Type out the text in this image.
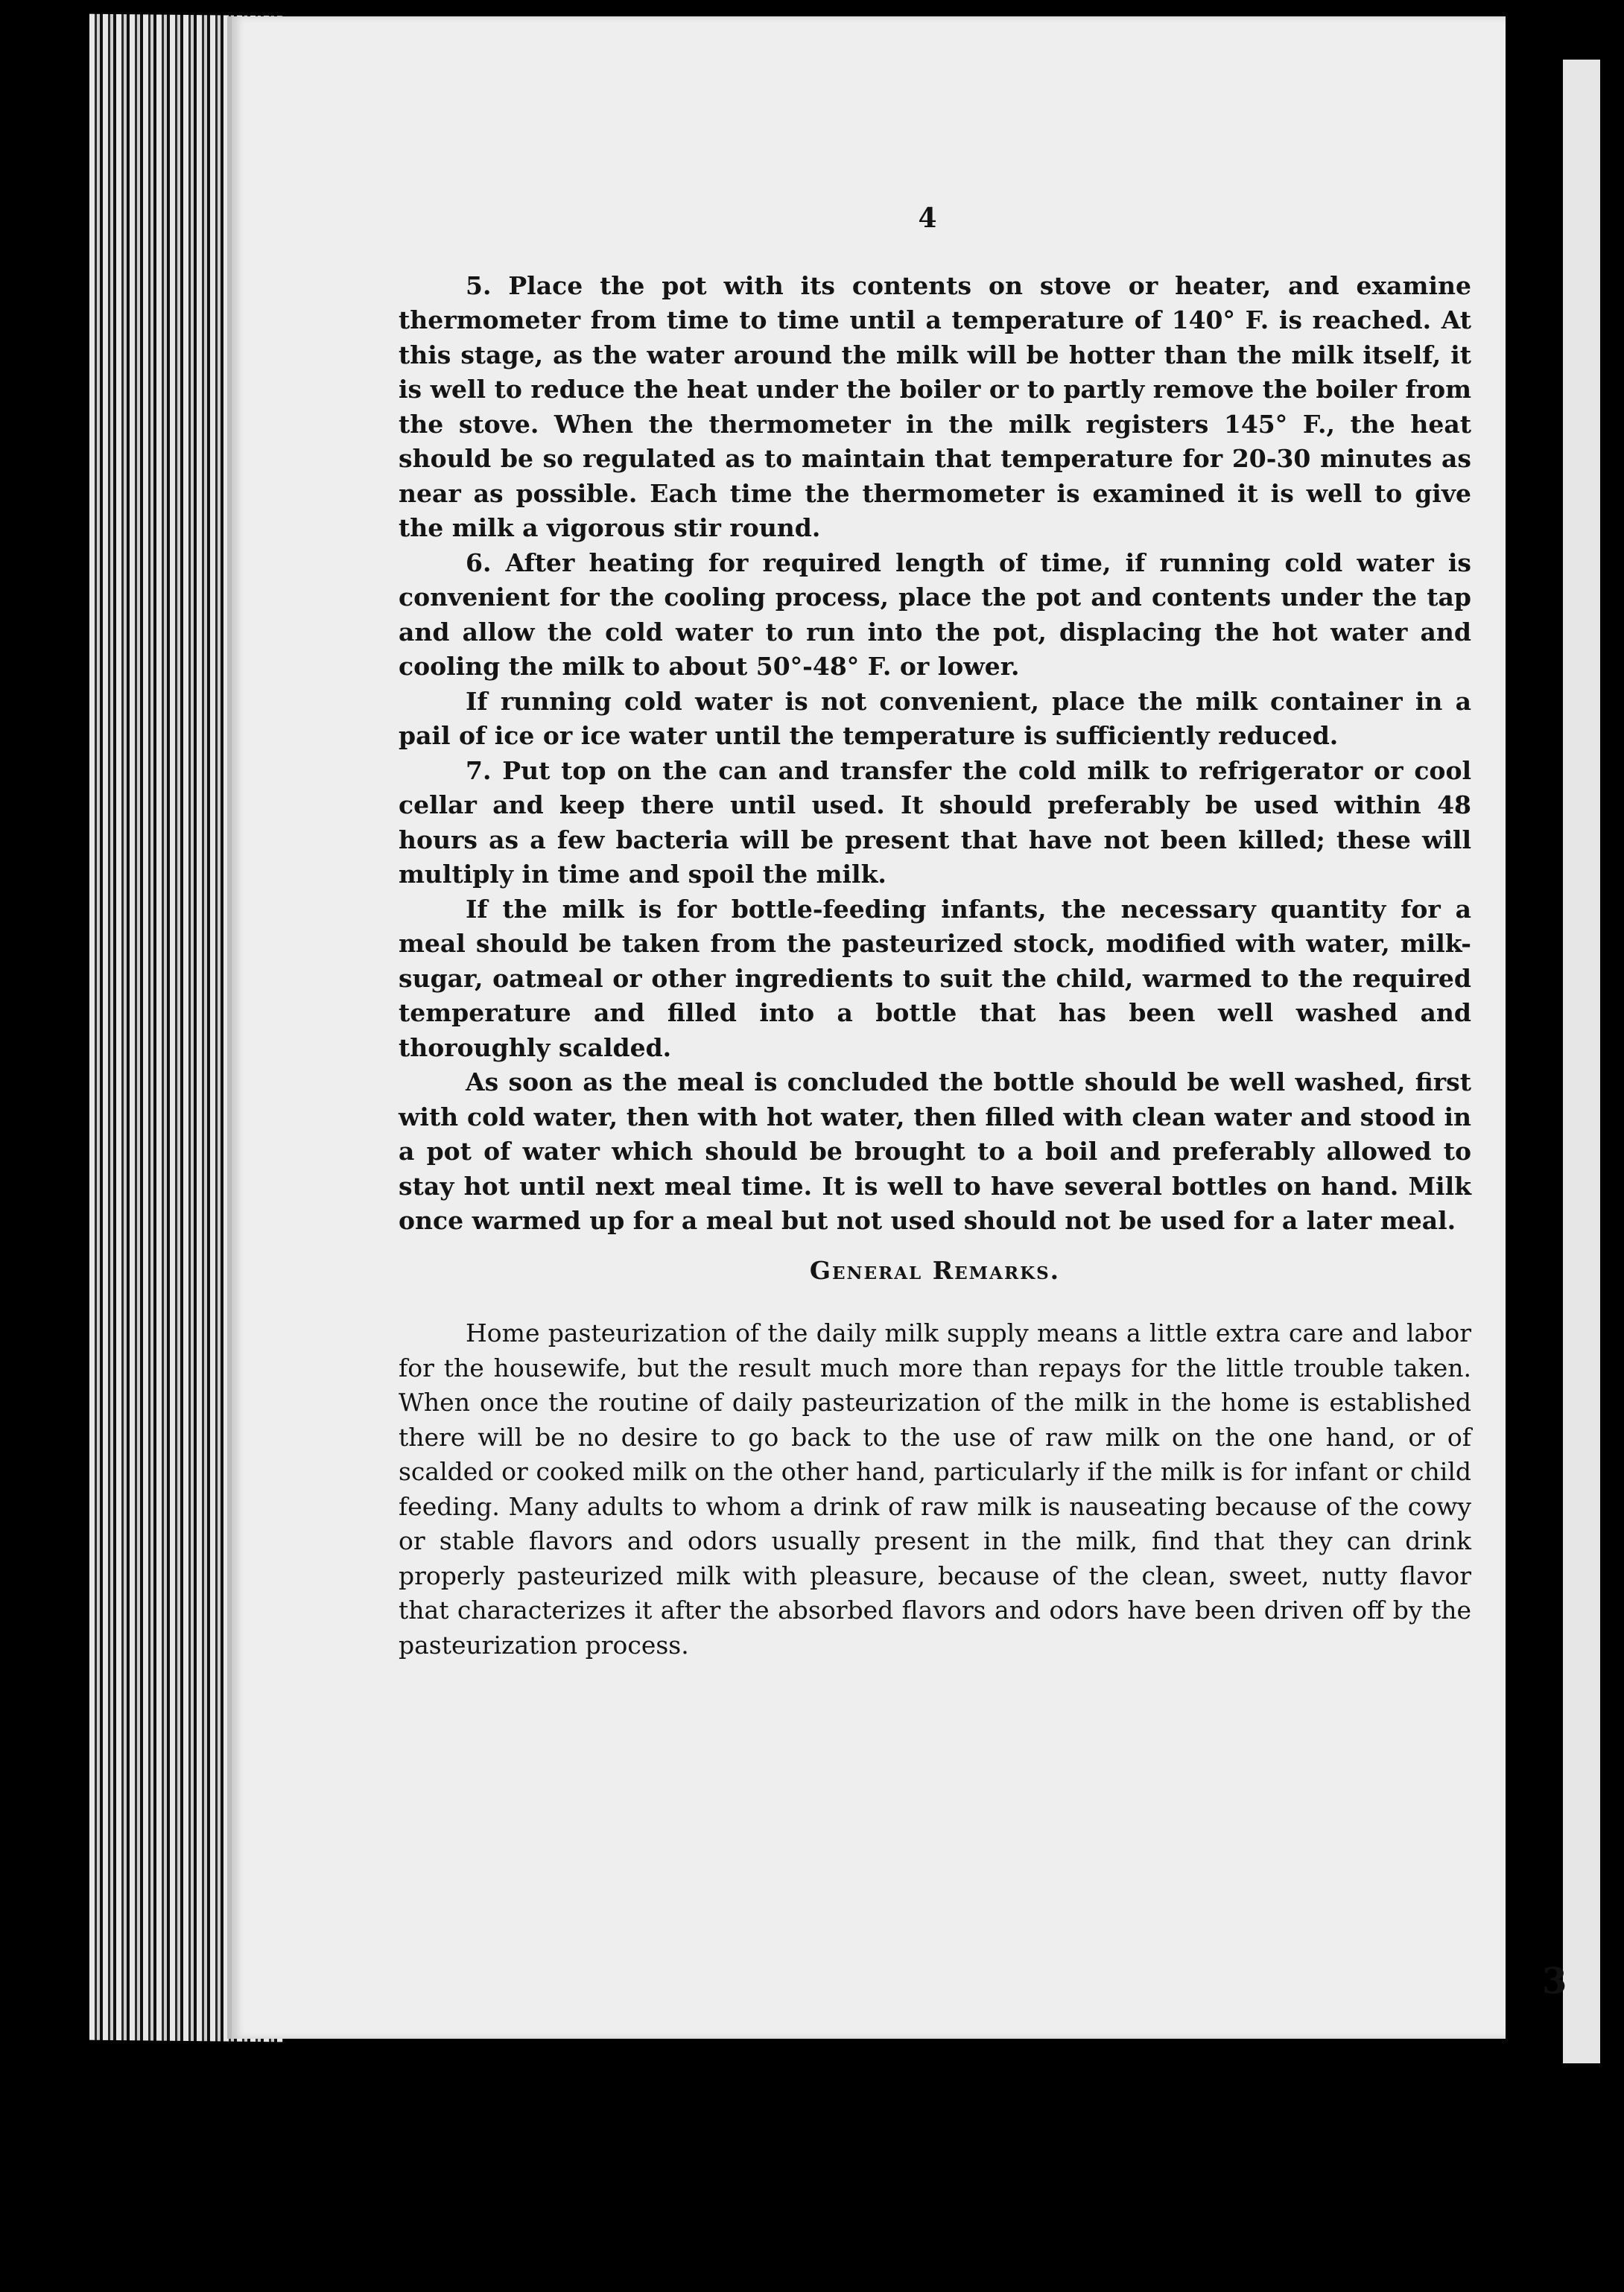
3
4

5. Place the pot with its contents on stove or heater, and examine thermometer from time to time until a temperature of 140° F. is reached. At this stage, as the water around the milk will be hotter than the milk itself, it is well to reduce the heat under the boiler or to partly remove the boiler from the stove. When the thermometer in the milk registers 145° F., the heat should be so regulated as to maintain that temperature for 20-30 minutes as near as possible. Each time the thermometer is examined it is well to give the milk a vigorous stir round.

6. After heating for required length of time, if running cold water is convenient for the cooling process, place the pot and contents under the tap and allow the cold water to run into the pot, displacing the hot water and cooling the milk to about 50°-48° F. or lower.

If running cold water is not convenient, place the milk container in a pail of ice or ice water until the temperature is sufficiently reduced.

7. Put top on the can and transfer the cold milk to refrigerator or cool cellar and keep there until used. It should preferably be used within 48 hours as a few bacteria will be present that have not been killed; these will multiply in time and spoil the milk.

If the milk is for bottle-feeding infants, the necessary quantity for a meal should be taken from the pasteurized stock, modified with water, milk-sugar, oatmeal or other ingredients to suit the child, warmed to the required temperature and filled into a bottle that has been well washed and thoroughly scalded.

As soon as the meal is concluded the bottle should be well washed, first with cold water, then with hot water, then filled with clean water and stood in a pot of water which should be brought to a boil and preferably allowed to stay hot until next meal time. It is well to have several bottles on hand. Milk once warmed up for a meal but not used should not be used for a later meal.

General Remarks.

Home pasteurization of the daily milk supply means a little extra care and labor for the housewife, but the result much more than repays for the little trouble taken. When once the routine of daily pasteurization of the milk in the home is established there will be no desire to go back to the use of raw milk on the one hand, or of scalded or cooked milk on the other hand, particularly if the milk is for infant or child feeding. Many adults to whom a drink of raw milk is nauseating because of the cowy or stable flavors and odors usually present in the milk, find that they can drink properly pasteurized milk with pleasure, because of the clean, sweet, nutty flavor that characterizes it after the absorbed flavors and odors have been driven off by the pasteurization process.
